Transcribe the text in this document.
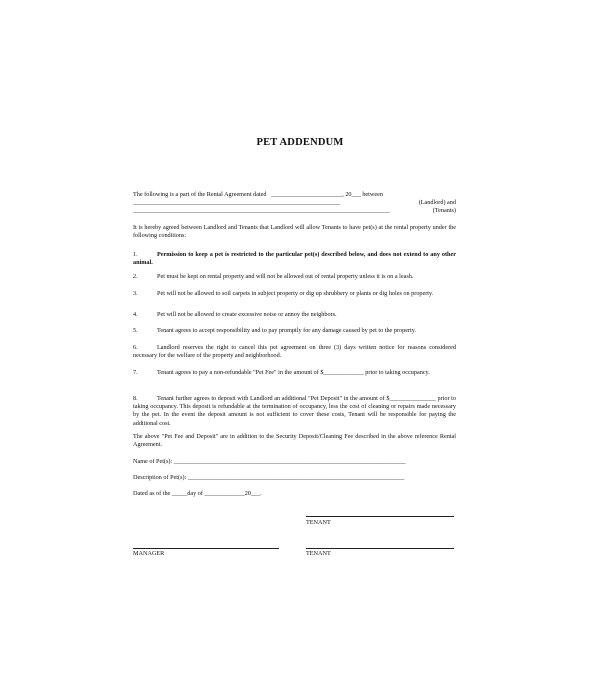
PET ADDENDUM
The following is a part of the Rental Agreement dated _______________________, 20___ between
___________________________________________________________________	(Landlord) and
___________________________________________________________________________________	(Tenants)
It is hereby agreed between Landlord and Tenants that Landlord will allow Tenants to have pet(s) at the rental property under the following conditions:
1.	Permission to keep a pet is restricted to the particular pet(s) described below, and does not extend to any other animal.
2.	Pet must be kept on rental property and will not be allowed out of rental property unless it is on a leash.
3.	Pet will not be allowed to soil carpets in subject property or dig up shrubbery or plants or dig holes on property.
4.	Pet will not be allowed to create excessive noise or annoy the neighbors.
5.	Tenant agrees to accept responsibility and to pay promptly for any damage caused by pet to the property.
6.	Landlord reserves the right to cancel this pet agreement on three (3) days written notice for reasons considered necessary for the welfare of the property and neighborhood.
7.	Tenant agrees to pay a non-refundable "Pet Fee" in the amount of $_____________ prior to taking occupancy.
8.	Tenant further agrees to deposit with Landlord an additional "Pet Deposit" in the amount of $_______________ prior to taking occupancy. This deposit is refundable at the termination of occupancy, less the cost of cleaning or repairs made necessary by the pet. In the event the deposit amount is not sufficient to cover these costs, Tenant will be responsible for paying the additional cost.
The above "Pet Fee and Deposit" are in addition to the Security Deposit/Cleaning Fee described in the above reference Rental Agreement.
Name of Pet(s): ___________________________________________________________________________
Description of Pet(s): ______________________________________________________________________
Dated as of the _____day of _____________20___.
TENANT
MANAGER	TENANT
